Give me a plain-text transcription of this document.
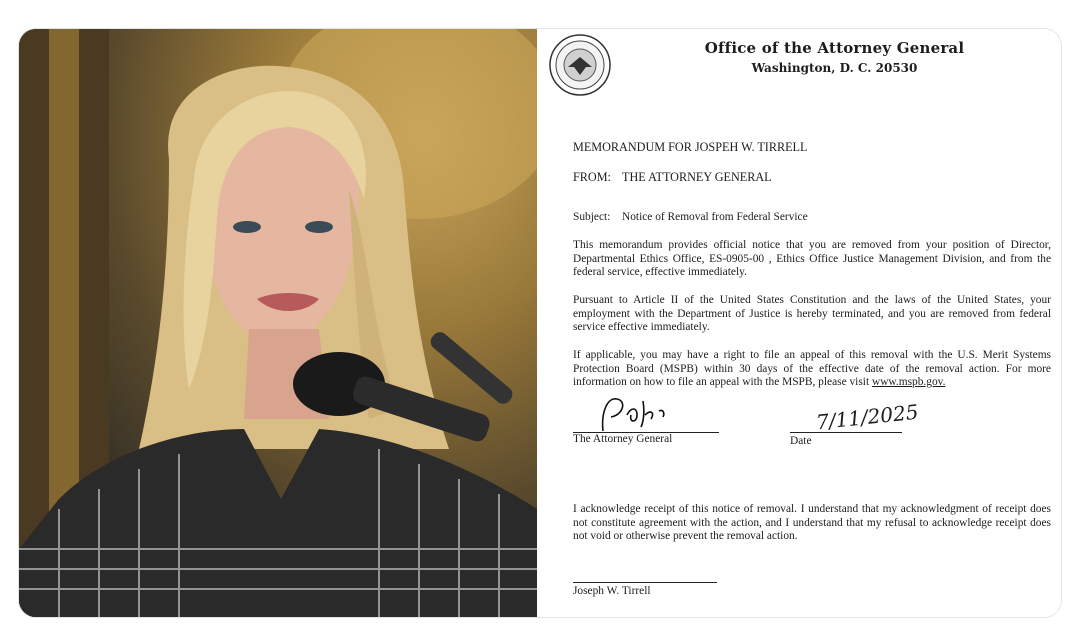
Office of the Attorney General
Washington, D. C. 20530
MEMORANDUM FOR JOSPEH W. TIRRELL
FROM: THE ATTORNEY GENERAL
Subject: Notice of Removal from Federal Service
This memorandum provides official notice that you are removed from your position of Director, Departmental Ethics Office, ES-0905-00 , Ethics Office Justice Management Division, and from the federal service, effective immediately.
Pursuant to Article II of the United States Constitution and the laws of the United States, your employment with the Department of Justice is hereby terminated, and you are removed from federal service effective immediately.
If applicable, you may have a right to file an appeal of this removal with the U.S. Merit Systems Protection Board (MSPB) within 30 days of the effective date of the removal action. For more information on how to file an appeal with the MSPB, please visit www.mspb.gov.
The Attorney General
7/11/2025
Date
I acknowledge receipt of this notice of removal. I understand that my acknowledgment of receipt does not constitute agreement with the action, and I understand that my refusal to acknowledge receipt does not void or otherwise prevent the removal action.
Joseph W. Tirrell
